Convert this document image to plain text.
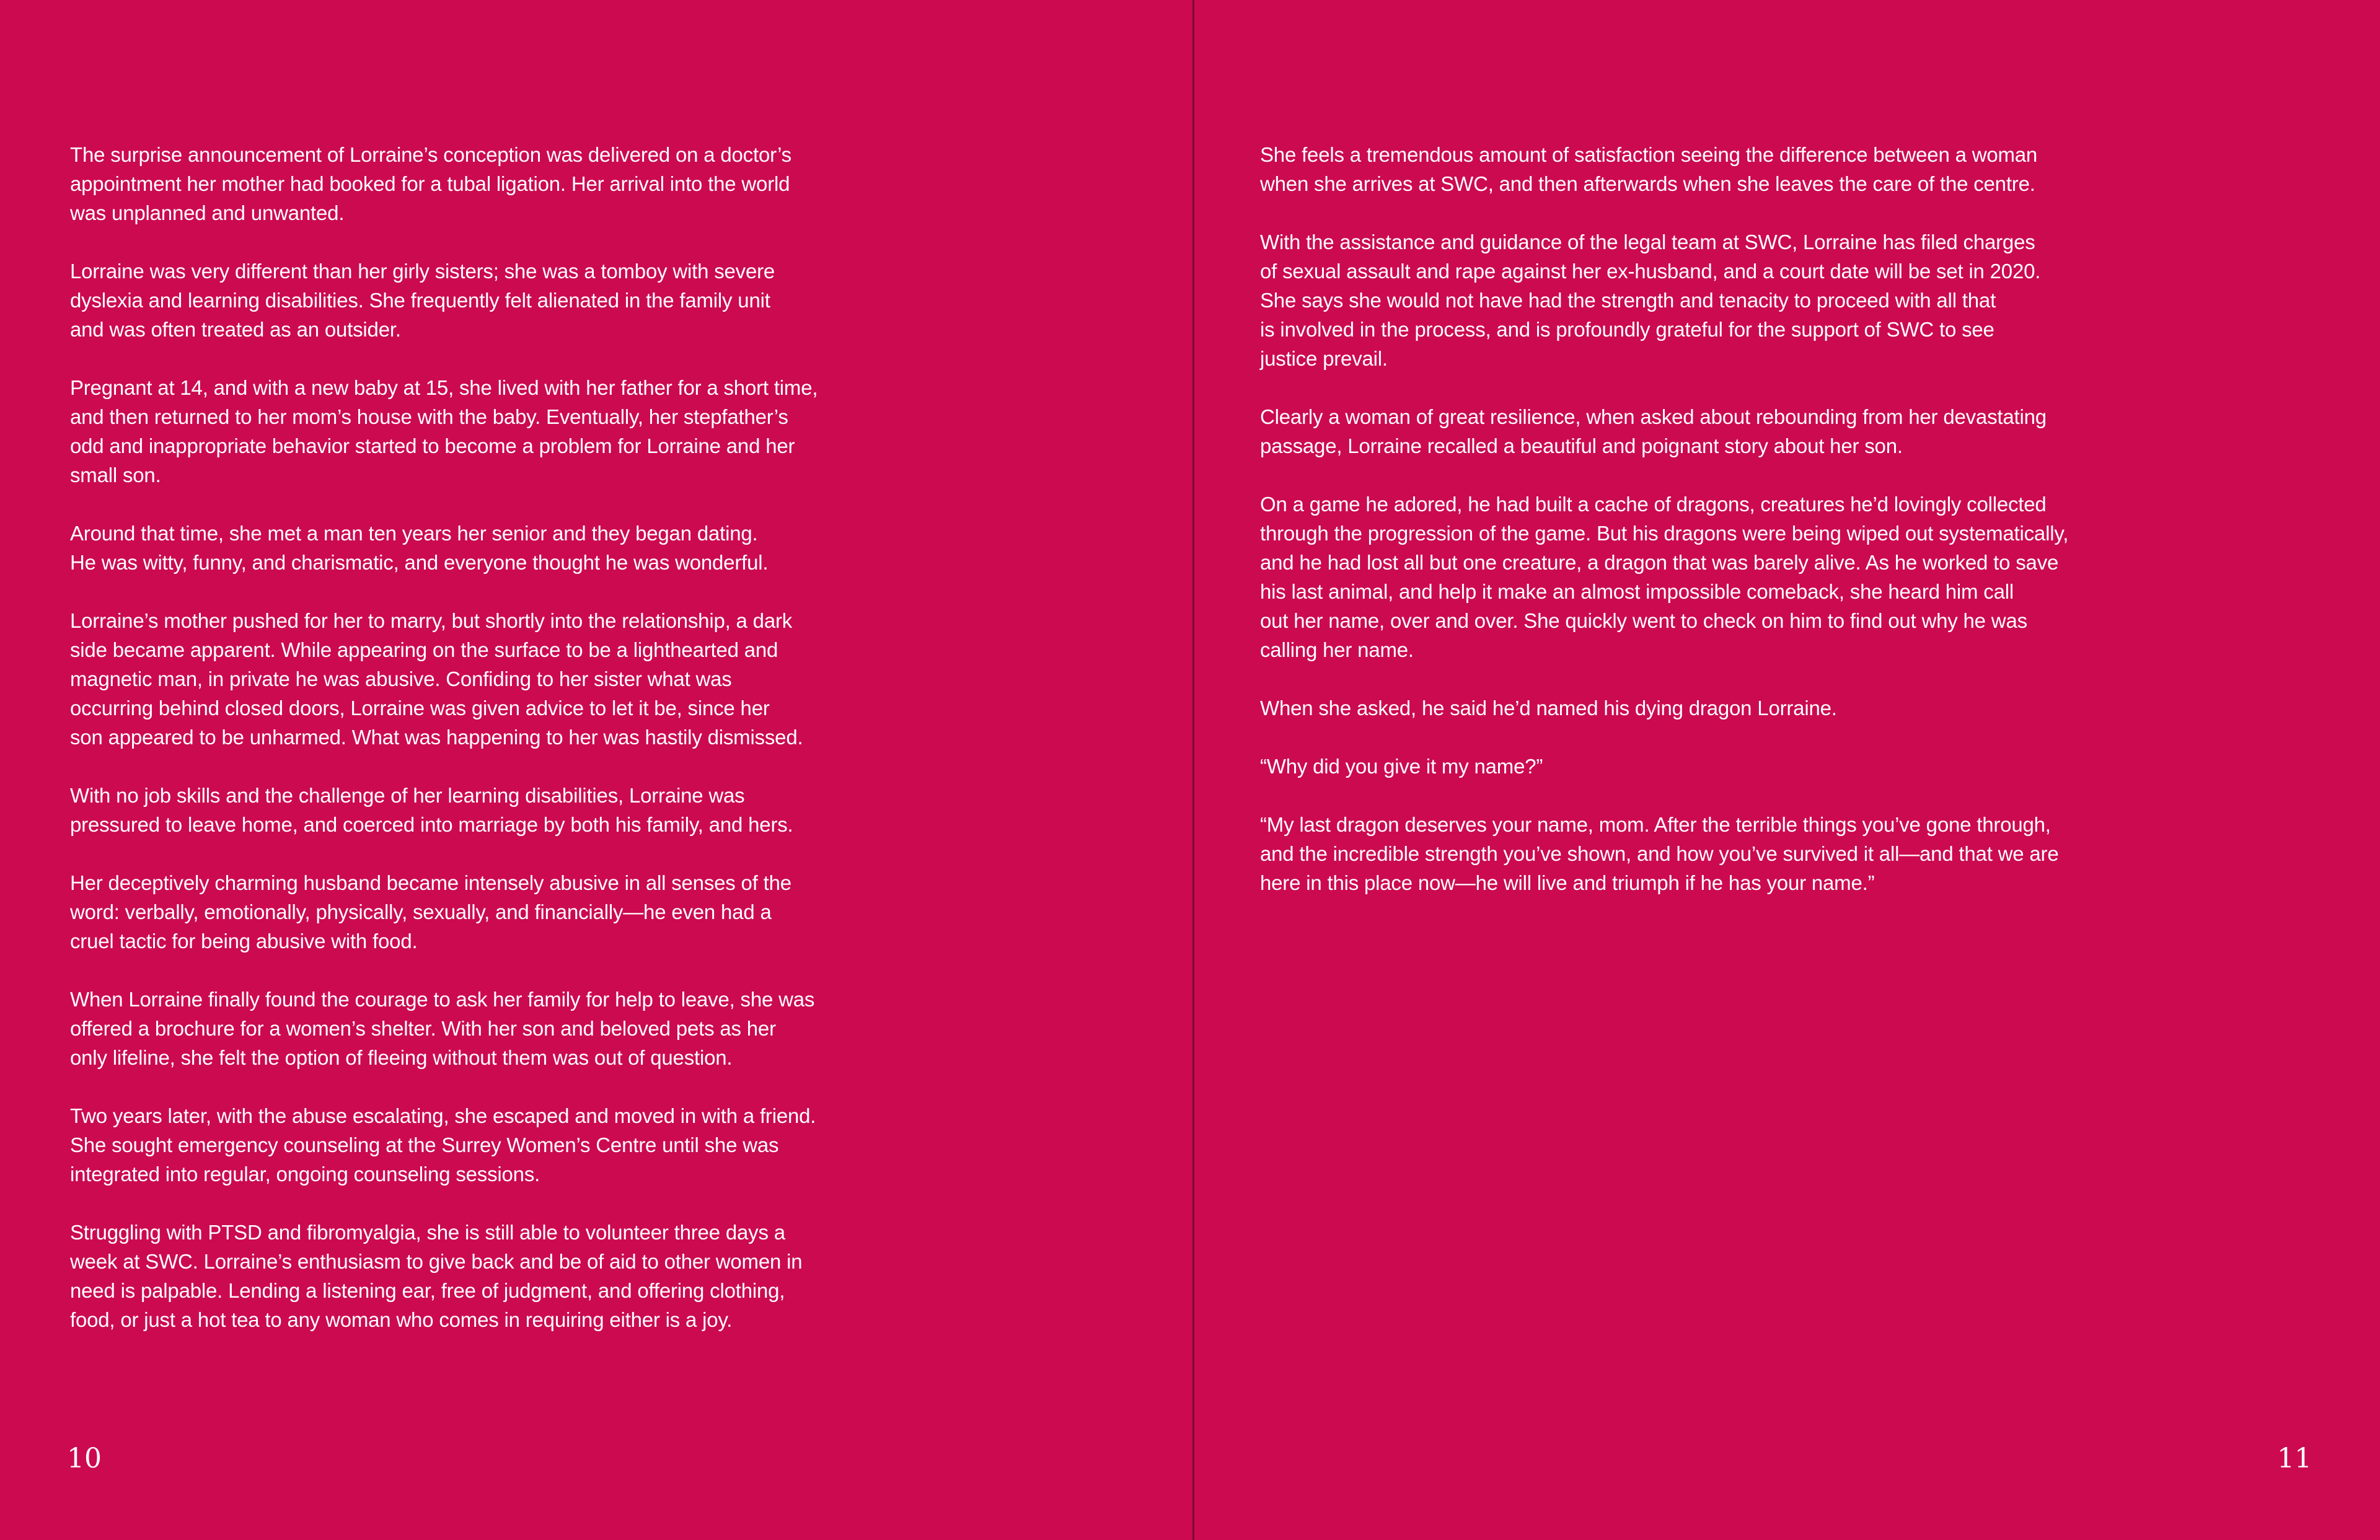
The surprise announcement of Lorraine’s conception was delivered on a doctor’s
appointment her mother had booked for a tubal ligation. Her arrival into the world
was unplanned and unwanted.

Lorraine was very different than her girly sisters; she was a tomboy with severe
dyslexia and learning disabilities. She frequently felt alienated in the family unit
and was often treated as an outsider.

Pregnant at 14, and with a new baby at 15, she lived with her father for a short time,
and then returned to her mom’s house with the baby. Eventually, her stepfather’s
odd and inappropriate behavior started to become a problem for Lorraine and her
small son.

Around that time, she met a man ten years her senior and they began dating.
He was witty, funny, and charismatic, and everyone thought he was wonderful.

Lorraine’s mother pushed for her to marry, but shortly into the relationship, a dark
side became apparent. While appearing on the surface to be a lighthearted and
magnetic man, in private he was abusive. Confiding to her sister what was
occurring behind closed doors, Lorraine was given advice to let it be, since her
son appeared to be unharmed. What was happening to her was hastily dismissed.

With no job skills and the challenge of her learning disabilities, Lorraine was
pressured to leave home, and coerced into marriage by both his family, and hers.

Her deceptively charming husband became intensely abusive in all senses of the
word: verbally, emotionally, physically, sexually, and financially—he even had a
cruel tactic for being abusive with food.

When Lorraine finally found the courage to ask her family for help to leave, she was
offered a brochure for a women’s shelter. With her son and beloved pets as her
only lifeline, she felt the option of fleeing without them was out of question.

Two years later, with the abuse escalating, she escaped and moved in with a friend.
She sought emergency counseling at the Surrey Women’s Centre until she was
integrated into regular, ongoing counseling sessions.

Struggling with PTSD and fibromyalgia, she is still able to volunteer three days a
week at SWC. Lorraine’s enthusiasm to give back and be of aid to other women in
need is palpable. Lending a listening ear, free of judgment, and offering clothing,
food, or just a hot tea to any woman who comes in requiring either is a joy.

10

She feels a tremendous amount of satisfaction seeing the difference between a woman
when she arrives at SWC, and then afterwards when she leaves the care of the centre.

With the assistance and guidance of the legal team at SWC, Lorraine has filed charges
of sexual assault and rape against her ex-husband, and a court date will be set in 2020.
She says she would not have had the strength and tenacity to proceed with all that
is involved in the process, and is profoundly grateful for the support of SWC to see
justice prevail.

Clearly a woman of great resilience, when asked about rebounding from her devastating
passage, Lorraine recalled a beautiful and poignant story about her son.

On a game he adored, he had built a cache of dragons, creatures he’d lovingly collected
through the progression of the game. But his dragons were being wiped out systematically,
and he had lost all but one creature, a dragon that was barely alive. As he worked to save
his last animal, and help it make an almost impossible comeback, she heard him call
out her name, over and over. She quickly went to check on him to find out why he was
calling her name.

When she asked, he said he’d named his dying dragon Lorraine.

“Why did you give it my name?”

“My last dragon deserves your name, mom. After the terrible things you’ve gone through,
and the incredible strength you’ve shown, and how you’ve survived it all—and that we are
here in this place now—he will live and triumph if he has your name.”

11
